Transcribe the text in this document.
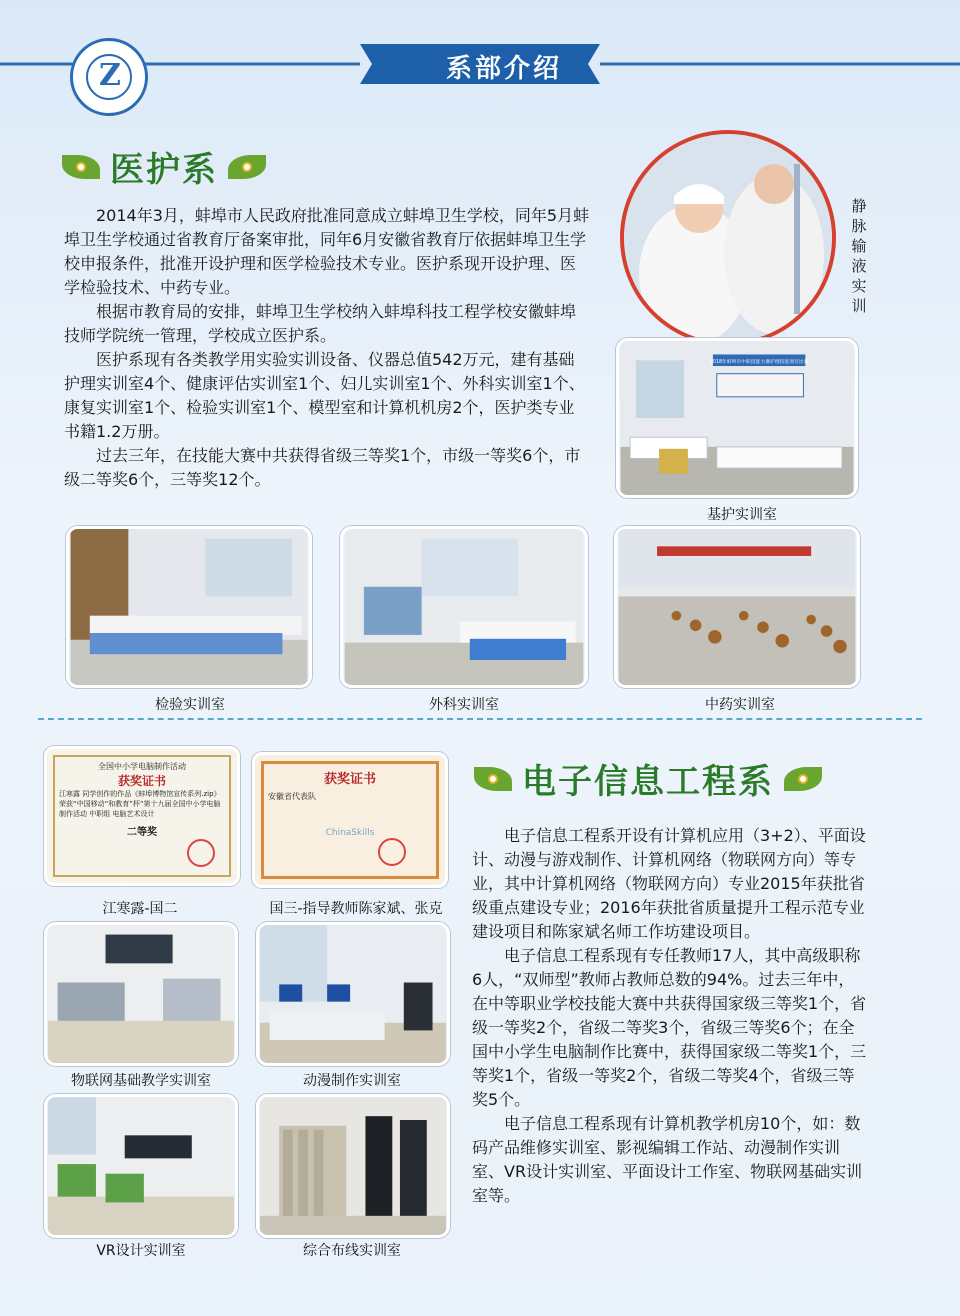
系部介绍
Z
医护系

2014年3月，蚌埠市人民政府批准同意成立蚌埠卫生学校，同年5月蚌埠卫生学校通过省教育厅备案审批，同年6月安徽省教育厅依据蚌埠卫生学校申报条件，批准开设护理和医学检验技术专业。医护系现开设护理、医学检验技术、中药专业。

根据市教育局的安排，蚌埠卫生学校纳入蚌埠科技工程学校安徽蚌埠技师学院统一管理，学校成立医护系。

医护系现有各类教学用实验实训设备、仪器总值542万元，建有基础护理实训室4个、健康评估实训室1个、妇儿实训室1个、外科实训室1个、康复实训室1个、检验实训室1个、模型室和计算机机房2个，医护类专业书籍1.2万册。

过去三年，在技能大赛中共获得省级三等奖1个，市级一等奖6个，市级二等奖6个，三等奖12个。

静脉输液实训
2018年蚌埠市中职技能大赛护理技能项目比赛
基护实训室
检验实训室	外科实训室	中药实训室
全国中小学电脑制作活动
获奖证书
江寒露 同学创作的作品《蚌埠博物馆宣传系列.zip》荣获“中国移动“和教育”杯”第十九届全国中小学电脑制作活动 中职组 电脑艺术设计
二等奖
江寒露-国二
获奖证书
安徽省代表队
ChinaSkills
国三-指导教师陈家斌、张克
物联网基础教学实训室	动漫制作实训室
VR设计实训室	综合布线实训室
电子信息工程系

电子信息工程系开设有计算机应用（3+2）、平面设计、动漫与游戏制作、计算机网络（物联网方向）等专业，其中计算机网络（物联网方向）专业2015年获批省级重点建设专业；2016年获批省质量提升工程示范专业建设项目和陈家斌名师工作坊建设项目。

电子信息工程系现有专任教师17人，其中高级职称6人，“双师型”教师占教师总数的94%。过去三年中，在中等职业学校技能大赛中共获得国家级三等奖1个，省级一等奖2个，省级二等奖3个，省级三等奖6个；在全国中小学生电脑制作比赛中，获得国家级二等奖1个，三等奖1个，省级一等奖2个，省级二等奖4个，省级三等奖5个。

电子信息工程系现有计算机教学机房10个，如：数码产品维修实训室、影视编辑工作站、动漫制作实训室、VR设计实训室、平面设计工作室、物联网基础实训室等。
